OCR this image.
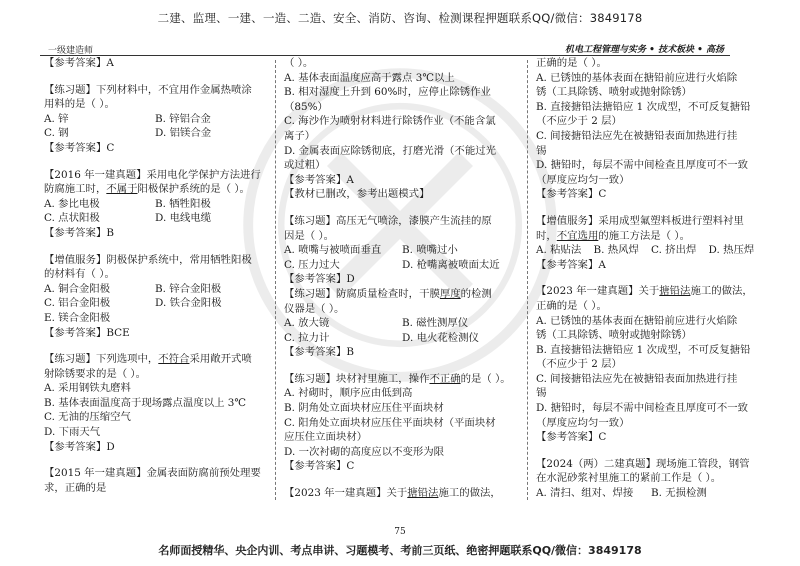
二建、监理、一建、一造、二造、安全、消防、咨询、检测课程押题联系QQ/微信：3849178
一级建造师	机电工程管理与实务 • 技术板块 • 高扬

【参考答案】A

【练习题】下列材料中，不宜用作金属热喷涂

用料的是（ ）。

A. 锌	B. 锌铝合金
C. 钢	D. 铝镁合金

【参考答案】C

【2016 年一建真题】采用电化学保护方法进行

防腐施工时，不属于阳极保护系统的是（ ）。

A. 参比电极	B. 牺牲阳极
C. 点状阳极	D. 电线电缆

【参考答案】B

【增值服务】阴极保护系统中，常用牺牲阳极

的材料有（ ）。

A. 铜合金阳极	B. 锌合金阳极
C. 铝合金阳极	D. 铁合金阳极

E. 镁合金阳极

【参考答案】BCE

【练习题】下列选项中，不符合采用敞开式喷

射除锈要求的是（ ）。

A. 采用钢铁丸磨料

B. 基体表面温度高于现场露点温度以上 3℃

C. 无油的压缩空气

D. 下雨天气

【参考答案】D

【2015 年一建真题】金属表面防腐前预处理要

求，正确的是

（ ）。

A. 基体表面温度应高于露点 3℃以上

B. 相对湿度上升到 60%时，应停止除锈作业

（85%）

C. 海沙作为喷射材料进行除锈作业（不能含氯

离子）

D. 金属表面应除锈彻底，打磨光滑（不能过光

或过粗）

【参考答案】A

【教材已删改，参考出题模式】

【练习题】高压无气喷涂，漆膜产生流挂的原

因是（ ）。

A. 喷嘴与被喷面垂直	B. 喷嘴过小
C. 压力过大	D. 枪嘴离被喷面太近

【参考答案】D

【练习题】防腐质量检查时，干膜厚度的检测

仪器是（ ）。

A. 放大镜	B. 磁性测厚仪
C. 拉力计	D. 电火花检测仪

【参考答案】B

【练习题】块材衬里施工，操作不正确的是（ ）。

A. 衬砌时，顺序应由低到高

B. 阴角处立面块材应压住平面块材

C. 阳角处立面块材应压住平面块材（平面块材

应压住立面块材）

D. 一次衬砌的高度应以不变形为限

【参考答案】C

【2023 年一建真题】关于搪铅法施工的做法，

正确的是（ ）。

A. 已锈蚀的基体表面在搪铅前应进行火焰除

锈（工具除锈、喷射或抛射除锈）

B. 直接搪铅法搪铅应 1 次成型，不可反复搪铅

（不应少于 2 层）

C. 间接搪铅法应先在被搪铅表面加热进行挂

锡

D. 搪铅时，每层不需中间检查且厚度可不一致

（厚度应均匀一致）

【参考答案】C

【增值服务】采用成型氟塑料板进行塑料衬里

时，不宜选用的施工方法是（ ）。

A. 粘贴法	B. 热风焊	C. 挤出焊	D. 热压焊

【参考答案】A

【2023 年一建真题】关于搪铅法施工的做法，

正确的是（ ）。

A. 已锈蚀的基体表面在搪铅前应进行火焰除

锈（工具除锈、喷射或抛射除锈）

B. 直接搪铅法搪铅应 1 次成型，不可反复搪铅

（不应少于 2 层）

C. 间接搪铅法应先在被搪铅表面加热进行挂

锡

D. 搪铅时，每层不需中间检查且厚度可不一致

（厚度应均匀一致）

【参考答案】C

【2024（两）二建真题】现场施工管段，钢管

在水泥砂浆衬里施工的紧前工作是（ ）。

A. 清扫、组对、焊接	B. 无损检测
75
名师面授精华、央企内训、考点串讲、习题模考、考前三页纸、绝密押题联系QQ/微信：3849178
